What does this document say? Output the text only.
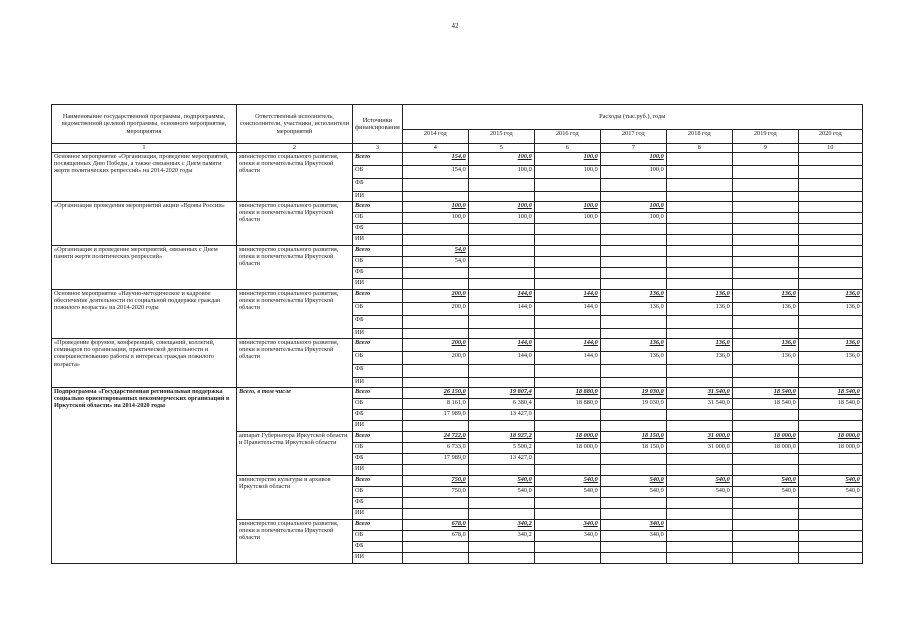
42
Наименование государственной программы, подпрограммы, ведомственной целевой программы, основного мероприятия, мероприятия	Ответственный исполнитель, соисполнители, участники, исполнители мероприятий	Источники финансирования	Расходы (тыс.руб.), годы						
			2014 год	2015 год	2016 год	2017 год	2018 год	2019 год	2020 год
1	2	3	4	5	6	7	8	9	10
Основное мероприятие «Организация, проведение мероприятий, посвященных Дню Победы, а также связанных с Днем памяти жертв политических репрессий» на 2014-2020 годы	министерство социального развития, опеки и попечительства Иркутской области	Всего	154,0	100,0	100,0	100,0			
		ОБ	154,0	100,0	100,0	100,0			
		ФБ							
		ИИ							
«Организация проведения мероприятий акции «Вдовы России»	министерство социального развития, опеки и попечительства Иркутской области	Всего	100,0	100,0	100,0	100,0			
		ОБ	100,0	100,0	100,0	100,0			
		ФБ							
		ИИ							
«Организация и проведение мероприятий, связанных с Днем памяти жертв политических репрессий»	министерство социального развития, опеки и попечительства Иркутской области	Всего	54,0						
		ОБ	54,0						
		ФБ							
		ИИ							
Основное мероприятие «Научно-методическое и кадровое обеспечение деятельности по социальной поддержке граждан пожилого возраста» на 2014-2020 годы	министерство социального развития, опеки и попечительства Иркутской области	Всего	200,0	144,0	144,0	136,0	136,0	136,0	136,0
		ОБ	200,0	144,0	144,0	136,0	136,0	136,0	136,0
		ФБ							
		ИИ							
«Проведение форумов, конференций, совещаний, коллегий, семинаров по организации, практической деятельности и совершенствованию работы в интересах граждан пожилого возраста»	министерство социального развития, опеки и попечительства Иркутской области	Всего	200,0	144,0	144,0	136,0	136,0	136,0	136,0
		ОБ	200,0	144,0	144,0	136,0	136,0	136,0	136,0
		ФБ							
		ИИ							
Подпрограмма «Государственная региональная поддержка социально ориентированных некоммерческих организаций в Иркутской области» на 2014-2020 годы	Всего, в том числе	Всего	26 150,0	19 807,4	18 880,0	19 030,0	31 540,0	18 540,0	18 540,0
		ОБ	8 161,0	6 380,4	18 880,0	19 030,0	31 540,0	18 540,0	18 540,0
		ФБ	17 989,0	13 427,0					
		ИИ							
	аппарат Губернатора Иркутской области и Правительства Иркутской области	Всего	24 722,0	18 927,2	18 000,0	18 150,0	31 000,0	18 000,0	18 000,0
		ОБ	6 733,0	5 500,2	18 000,0	18 150,0	31 000,0	18 000,0	18 000,0
		ФБ	17 989,0	13 427,0					
		ИИ							
	министерство культуры и архивов Иркутской области	Всего	750,0	540,0	540,0	540,0	540,0	540,0	540,0
		ОБ	750,0	540,0	540,0	540,0	540,0	540,0	540,0
		ФБ							
		ИИ							
	министерство социального развития, опеки и попечительства Иркутской области	Всего	678,0	340,2	340,0	340,0			
		ОБ	678,0	340,2	340,0	340,0			
		ФБ							
		ИИ							
